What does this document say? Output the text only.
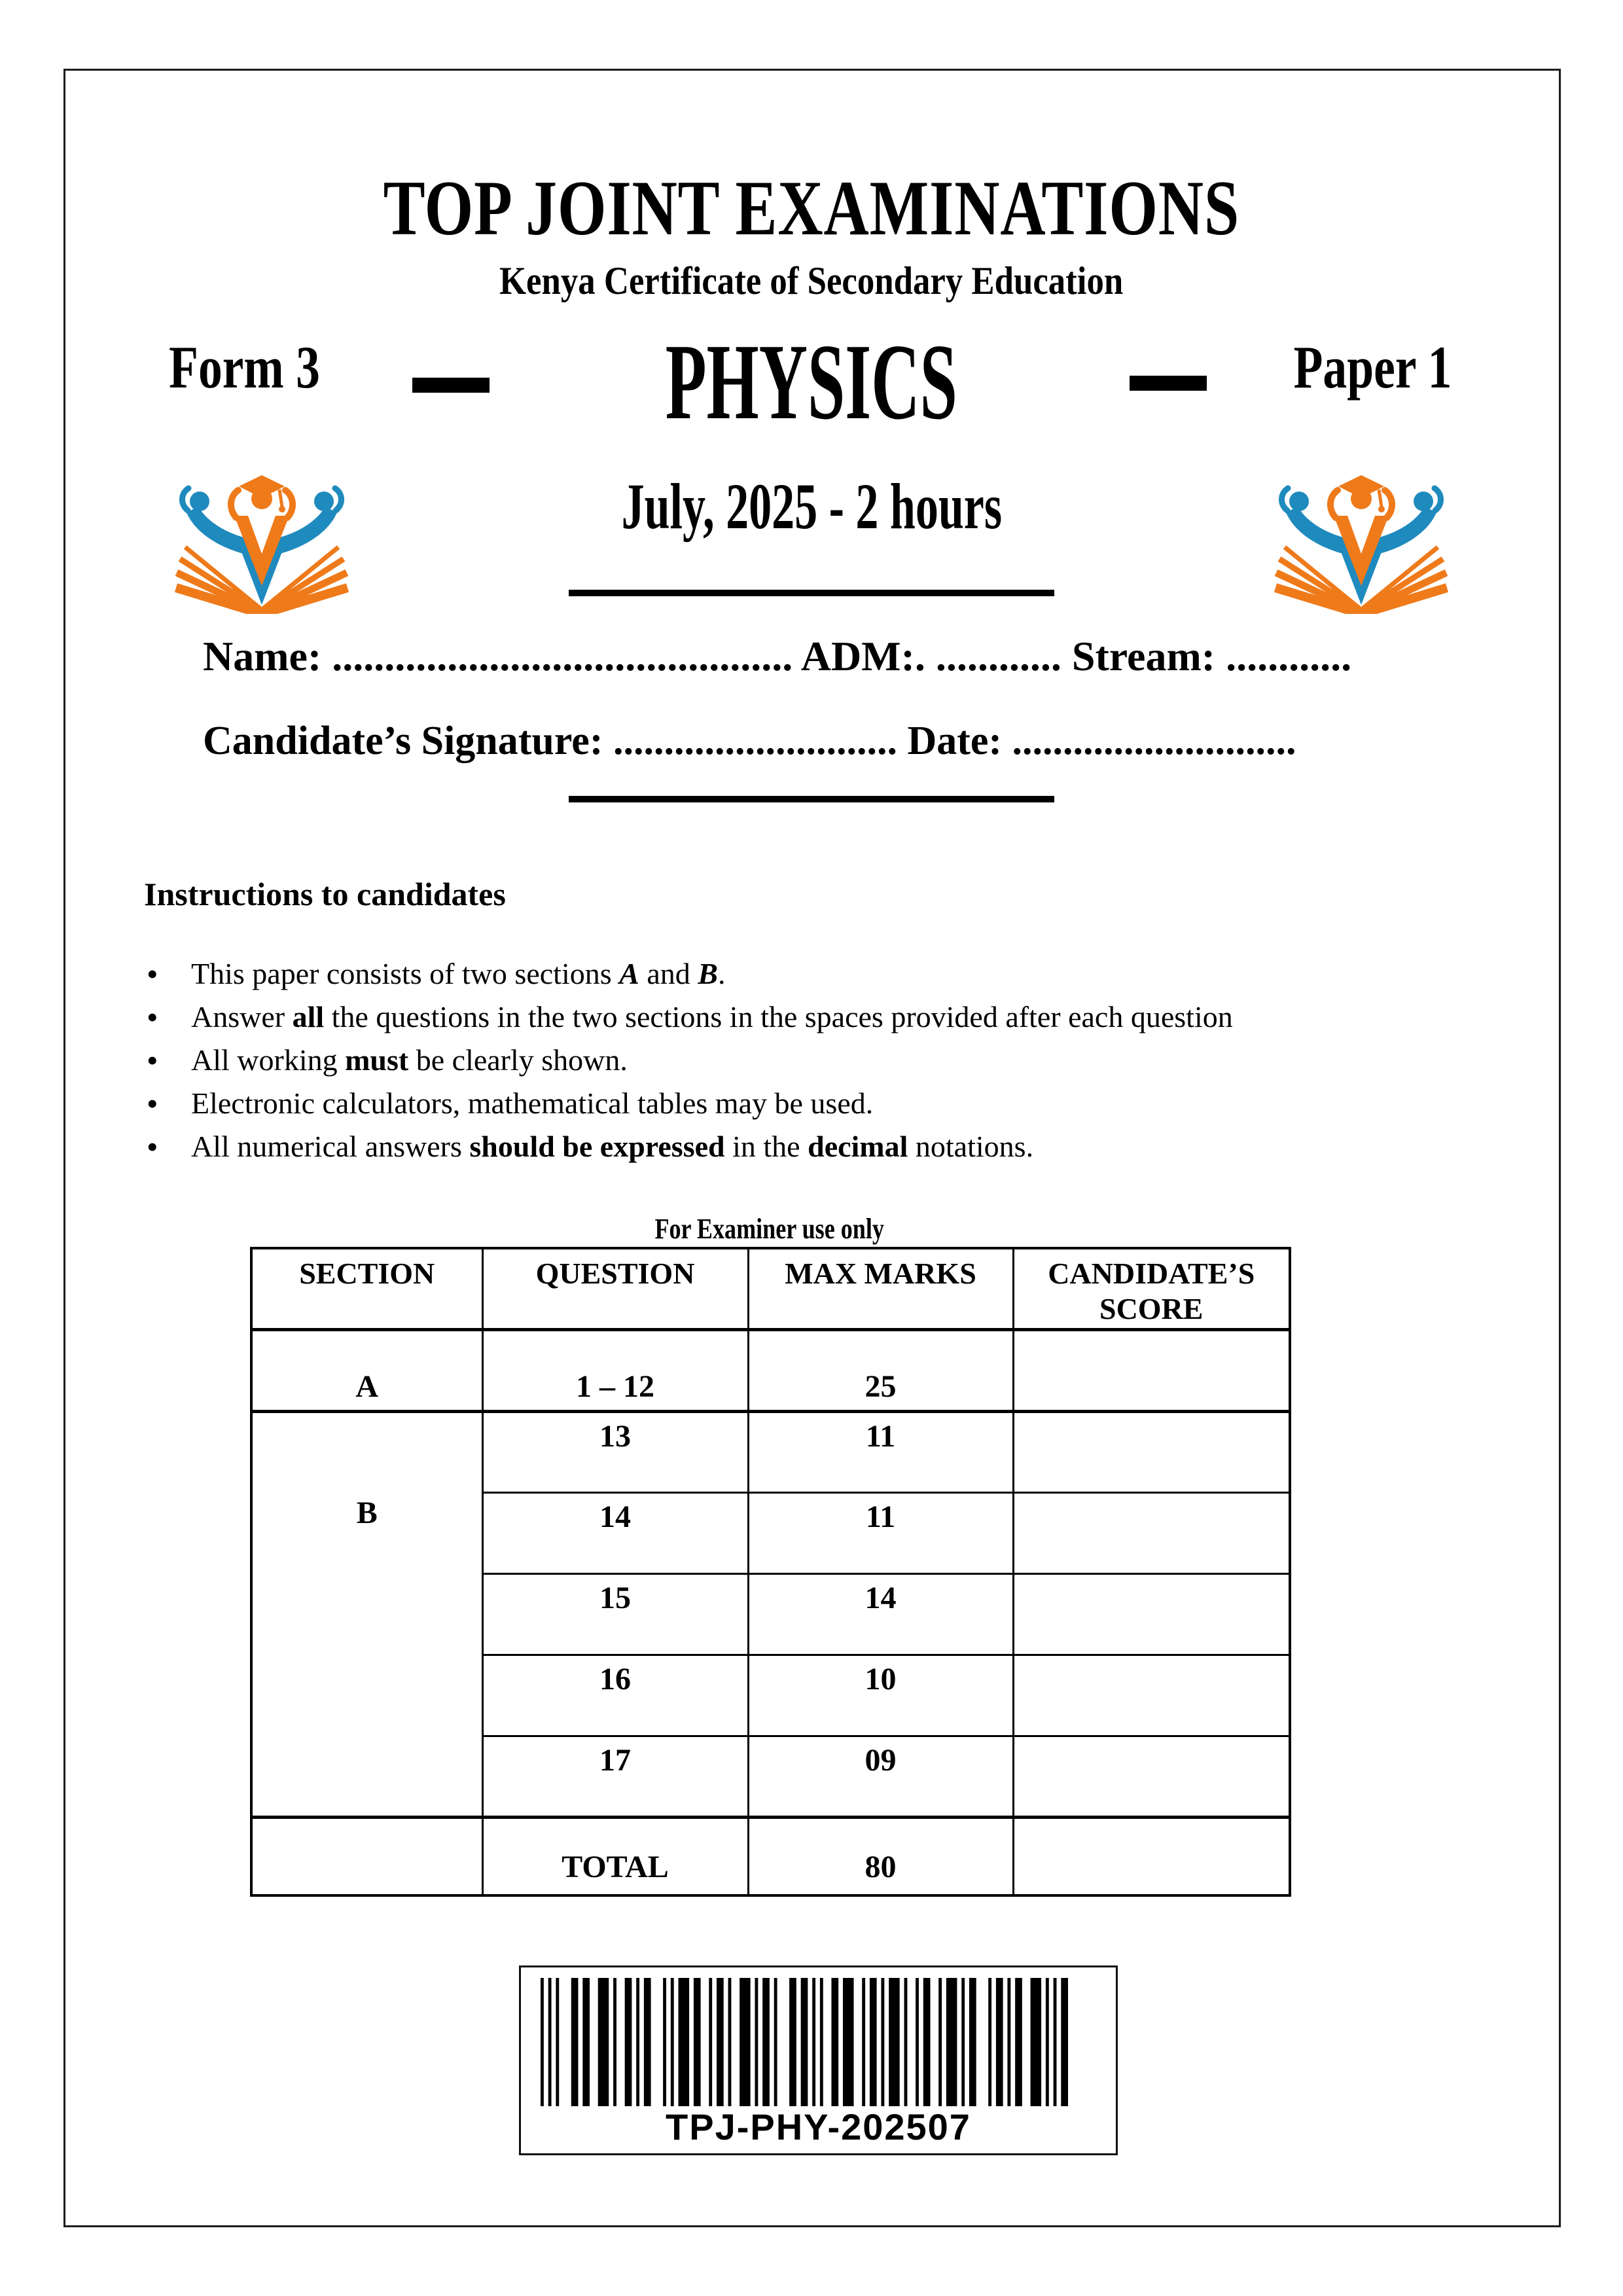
TOP JOINT EXAMINATIONS
Kenya Certificate of Secondary Education
Form 3	PHYSICS	Paper 1
July, 2025 - 2 hours
Name: ............................................ ADM:. ............ Stream: ............
Candidate’s Signature: ............................ Date: ............................
Instructions to candidates
• This paper consists of two sections A and B.
• Answer all the questions in the two sections in the spaces provided after each question
• All working must be clearly shown.
• Electronic calculators, mathematical tables may be used.
• All numerical answers should be expressed in the decimal notations.
For Examiner use only
SECTION	QUESTION	MAX MARKS	CANDIDATE’S SCORE
A	1 – 12	25	
B	13	11	
	14	11	
	15	14	
	16	10	
	17	09	
	TOTAL	80	
TPJ-PHY-202507
